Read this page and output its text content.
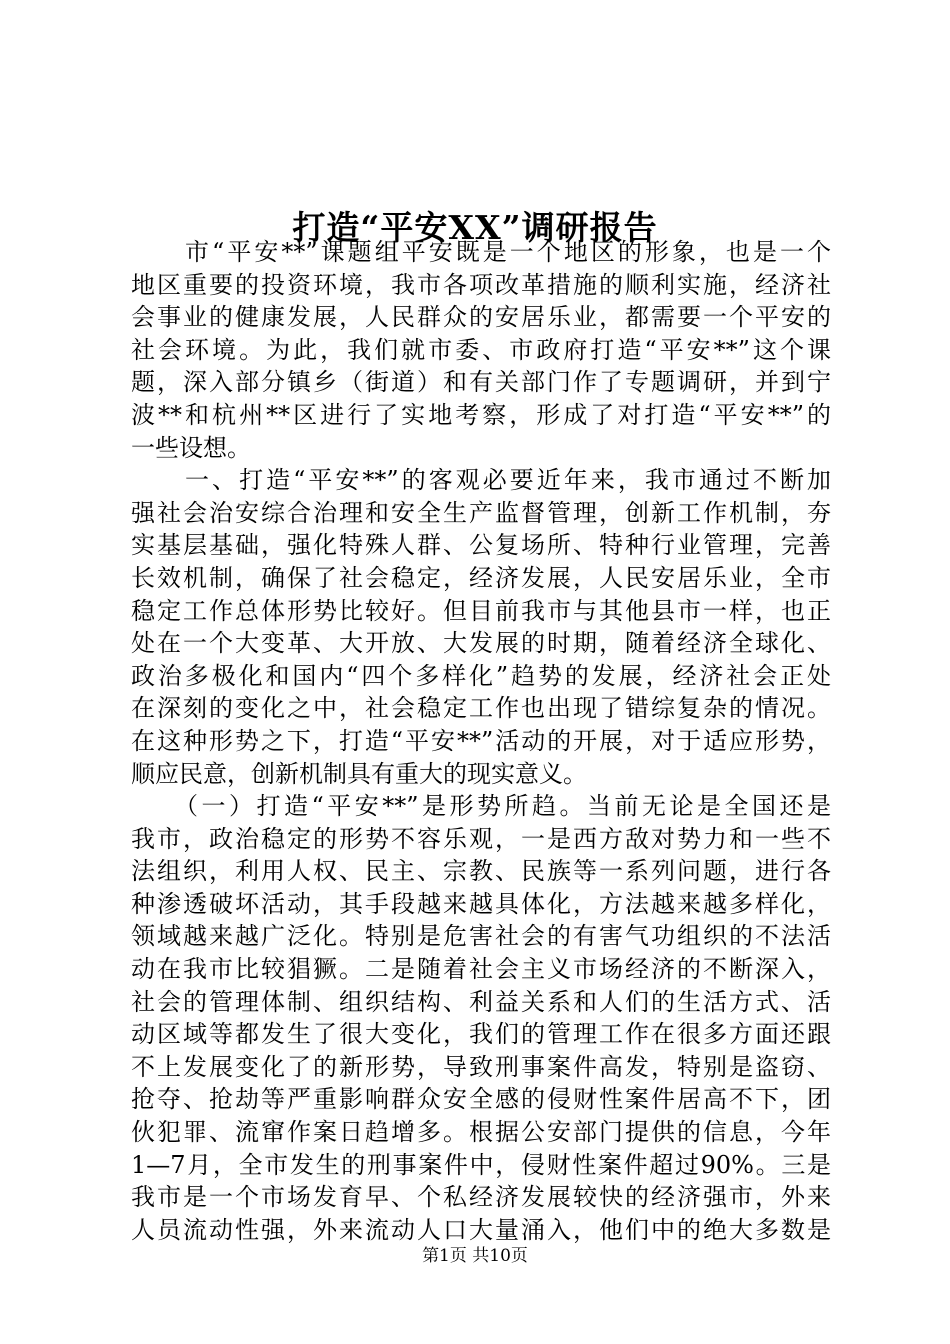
打造“平安XX”调研报告
　　市“平安**”课题组平安既是一个地区的形象，也是一个
地区重要的投资环境，我市各项改革措施的顺利实施，经济社
会事业的健康发展，人民群众的安居乐业，都需要一个平安的
社会环境。为此，我们就市委、市政府打造“平安**”这个课
题，深入部分镇乡（街道）和有关部门作了专题调研，并到宁
波**和杭州**区进行了实地考察，形成了对打造“平安**”的
一些设想。
　　一、打造“平安**”的客观必要近年来，我市通过不断加
强社会治安综合治理和安全生产监督管理，创新工作机制，夯
实基层基础，强化特殊人群、公复场所、特种行业管理，完善
长效机制，确保了社会稳定，经济发展，人民安居乐业，全市
稳定工作总体形势比较好。但目前我市与其他县市一样，也正
处在一个大变革、大开放、大发展的时期，随着经济全球化、
政治多极化和国内“四个多样化”趋势的发展，经济社会正处
在深刻的变化之中，社会稳定工作也出现了错综复杂的情况。
在这种形势之下，打造“平安**”活动的开展，对于适应形势，
顺应民意，创新机制具有重大的现实意义。
　　（一）打造“平安**”是形势所趋。当前无论是全国还是
我市，政治稳定的形势不容乐观，一是西方敌对势力和一些不
法组织，利用人权、民主、宗教、民族等一系列问题，进行各
种渗透破坏活动，其手段越来越具体化，方法越来越多样化，
领域越来越广泛化。特别是危害社会的有害气功组织的不法活
动在我市比较猖獗。二是随着社会主义市场经济的不断深入，
社会的管理体制、组织结构、利益关系和人们的生活方式、活
动区域等都发生了很大变化，我们的管理工作在很多方面还跟
不上发展变化了的新形势，导致刑事案件高发，特别是盗窃、
抢夺、抢劫等严重影响群众安全感的侵财性案件居高不下，团
伙犯罪、流窜作案日趋增多。根据公安部门提供的信息，今年
1—7月，全市发生的刑事案件中，侵财性案件超过90%。三是
我市是一个市场发育早、个私经济发展较快的经济强市，外来
人员流动性强，外来流动人口大量涌入，他们中的绝大多数是
第1页 共10页
